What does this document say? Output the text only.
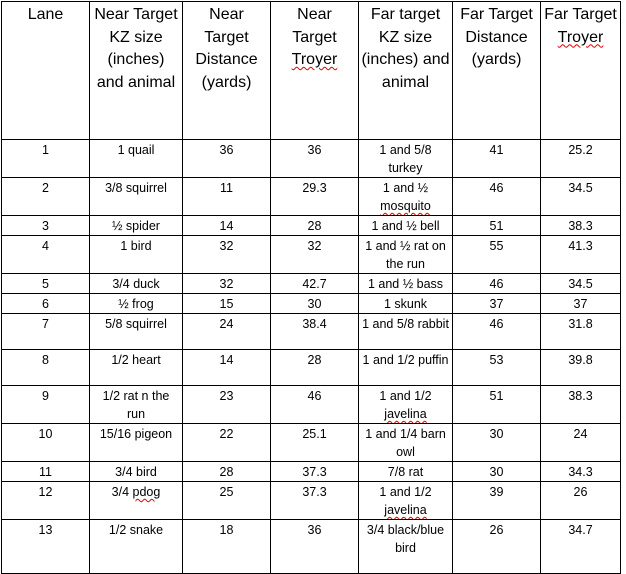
Lane	Near Target KZ size (inches) and animal	Near Target Distance (yards)	Near Target Troyer	Far target KZ size (inches) and animal	Far Target Distance (yards)	Far Target Troyer
1	1 quail	36	36	1 and 5/8 turkey	41	25.2
2	3/8 squirrel	11	29.3	1 and ½ mosquito	46	34.5
3	½ spider	14	28	1 and ½ bell	51	38.3
4	1 bird	32	32	1 and ½ rat on the run	55	41.3
5	3/4 duck	32	42.7	1 and ½ bass	46	34.5
6	½ frog	15	30	1 skunk	37	37
7	5/8 squirrel	24	38.4	1 and 5/8 rabbit	46	31.8
8	1/2 heart	14	28	1 and 1/2 puffin	53	39.8
9	1/2 rat n the run	23	46	1 and 1/2 javelina	51	38.3
10	15/16 pigeon	22	25.1	1 and 1/4 barn owl	30	24
11	3/4 bird	28	37.3	7/8 rat	30	34.3
12	3/4 pdog	25	37.3	1 and 1/2 javelina	39	26
13	1/2 snake	18	36	3/4 black/blue bird	26	34.7
